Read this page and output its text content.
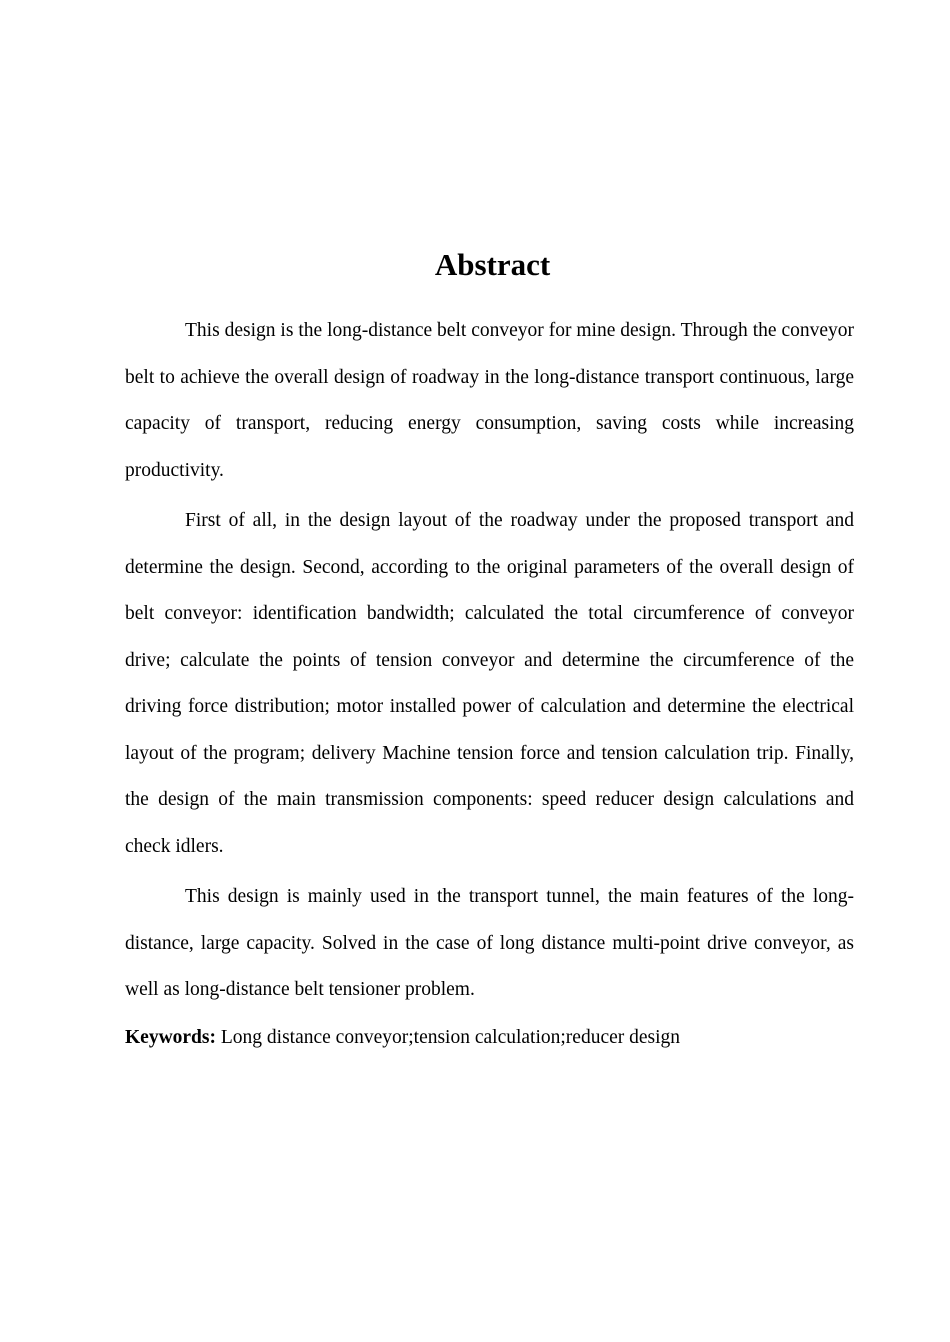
Abstract

This design is the long-distance belt conveyor for mine design. Through the conveyor belt to achieve the overall design of roadway in the long-distance transport continuous, large capacity of transport, reducing energy consumption, saving costs while increasing productivity.

First of all, in the design layout of the roadway under the proposed transport and determine the design. Second, according to the original parameters of the overall design of belt conveyor: identification bandwidth; calculated the total circumference of conveyor drive; calculate the points of tension conveyor and determine the circumference of the driving force distribution; motor installed power of calculation and determine the electrical layout of the program; delivery Machine tension force and tension calculation trip. Finally, the design of the main transmission components: speed reducer design calculations and check idlers.

This design is mainly used in the transport tunnel, the main features of the long-distance, large capacity. Solved in the case of long distance multi-point drive conveyor, as well as long-distance belt tensioner problem.

Keywords: Long distance conveyor;tension calculation;reducer design
